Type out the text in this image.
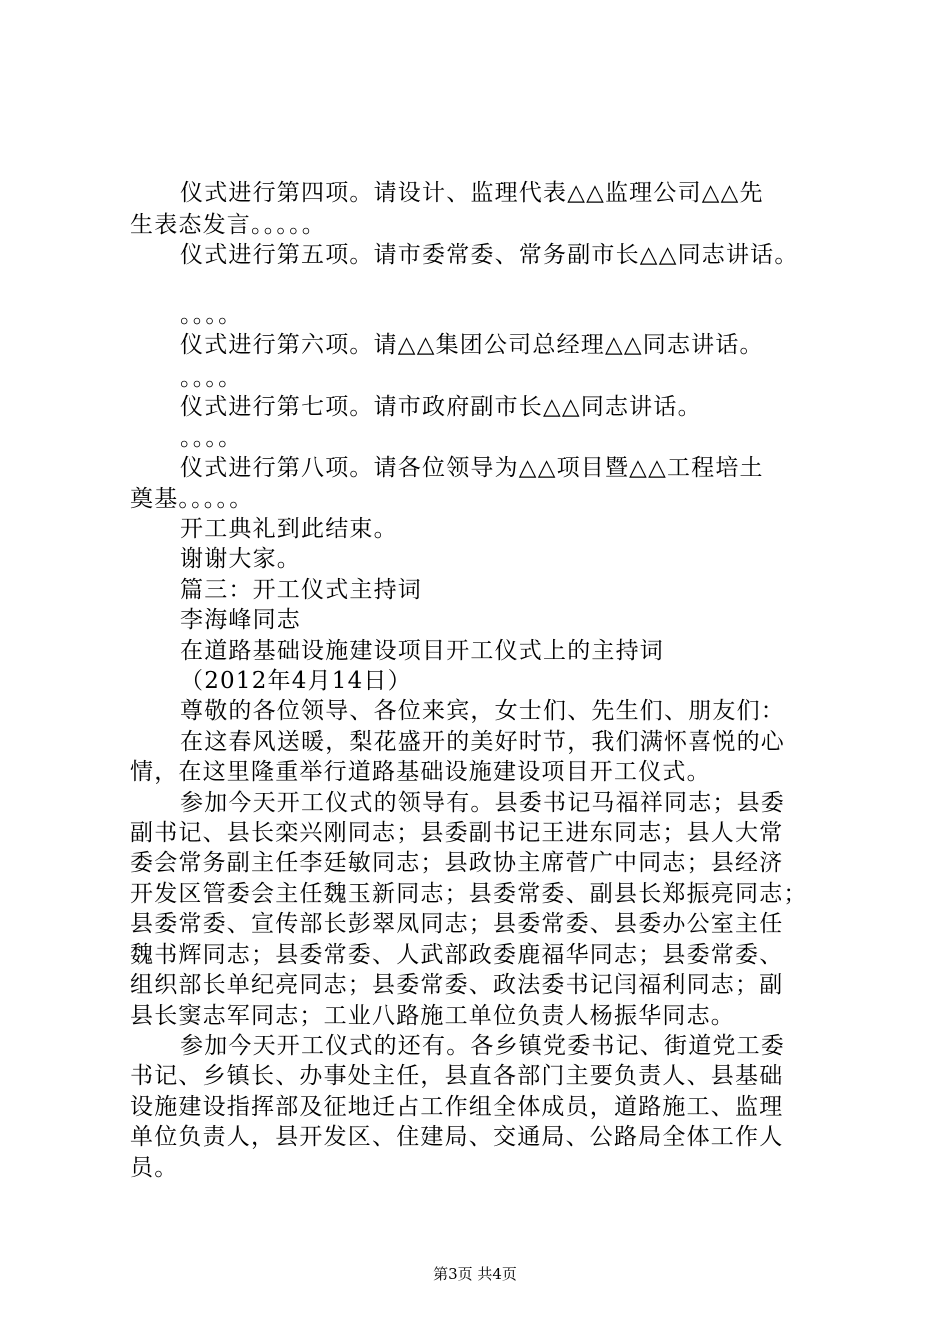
仪式进行第四项。请设计、监理代表△△监理公司△△先
生表态发言。。。。。
仪式进行第五项。请市委常委、常务副市长△△同志讲话。
。。。。
仪式进行第六项。请△△集团公司总经理△△同志讲话。
。。。。
仪式进行第七项。请市政府副市长△△同志讲话。
。。。。
仪式进行第八项。请各位领导为△△项目暨△△工程培土
奠基。。。。。
开工典礼到此结束。
谢谢大家。
篇三：开工仪式主持词
李海峰同志
在道路基础设施建设项目开工仪式上的主持词
（2012年4月14日）
尊敬的各位领导、各位来宾，女士们、先生们、朋友们：
在这春风送暖，梨花盛开的美好时节，我们满怀喜悦的心
情，在这里隆重举行道路基础设施建设项目开工仪式。
参加今天开工仪式的领导有。县委书记马福祥同志；县委
副书记、县长栾兴刚同志；县委副书记王进东同志；县人大常
委会常务副主任李廷敏同志；县政协主席菅广中同志；县经济
开发区管委会主任魏玉新同志；县委常委、副县长郑振亮同志；
县委常委、宣传部长彭翠凤同志；县委常委、县委办公室主任
魏书辉同志；县委常委、人武部政委鹿福华同志；县委常委、
组织部长单纪亮同志；县委常委、政法委书记闫福利同志；副
县长窦志军同志；工业八路施工单位负责人杨振华同志。
参加今天开工仪式的还有。各乡镇党委书记、街道党工委
书记、乡镇长、办事处主任，县直各部门主要负责人、县基础
设施建设指挥部及征地迁占工作组全体成员，道路施工、监理
单位负责人，县开发区、住建局、交通局、公路局全体工作人
员。
第3页 共4页
